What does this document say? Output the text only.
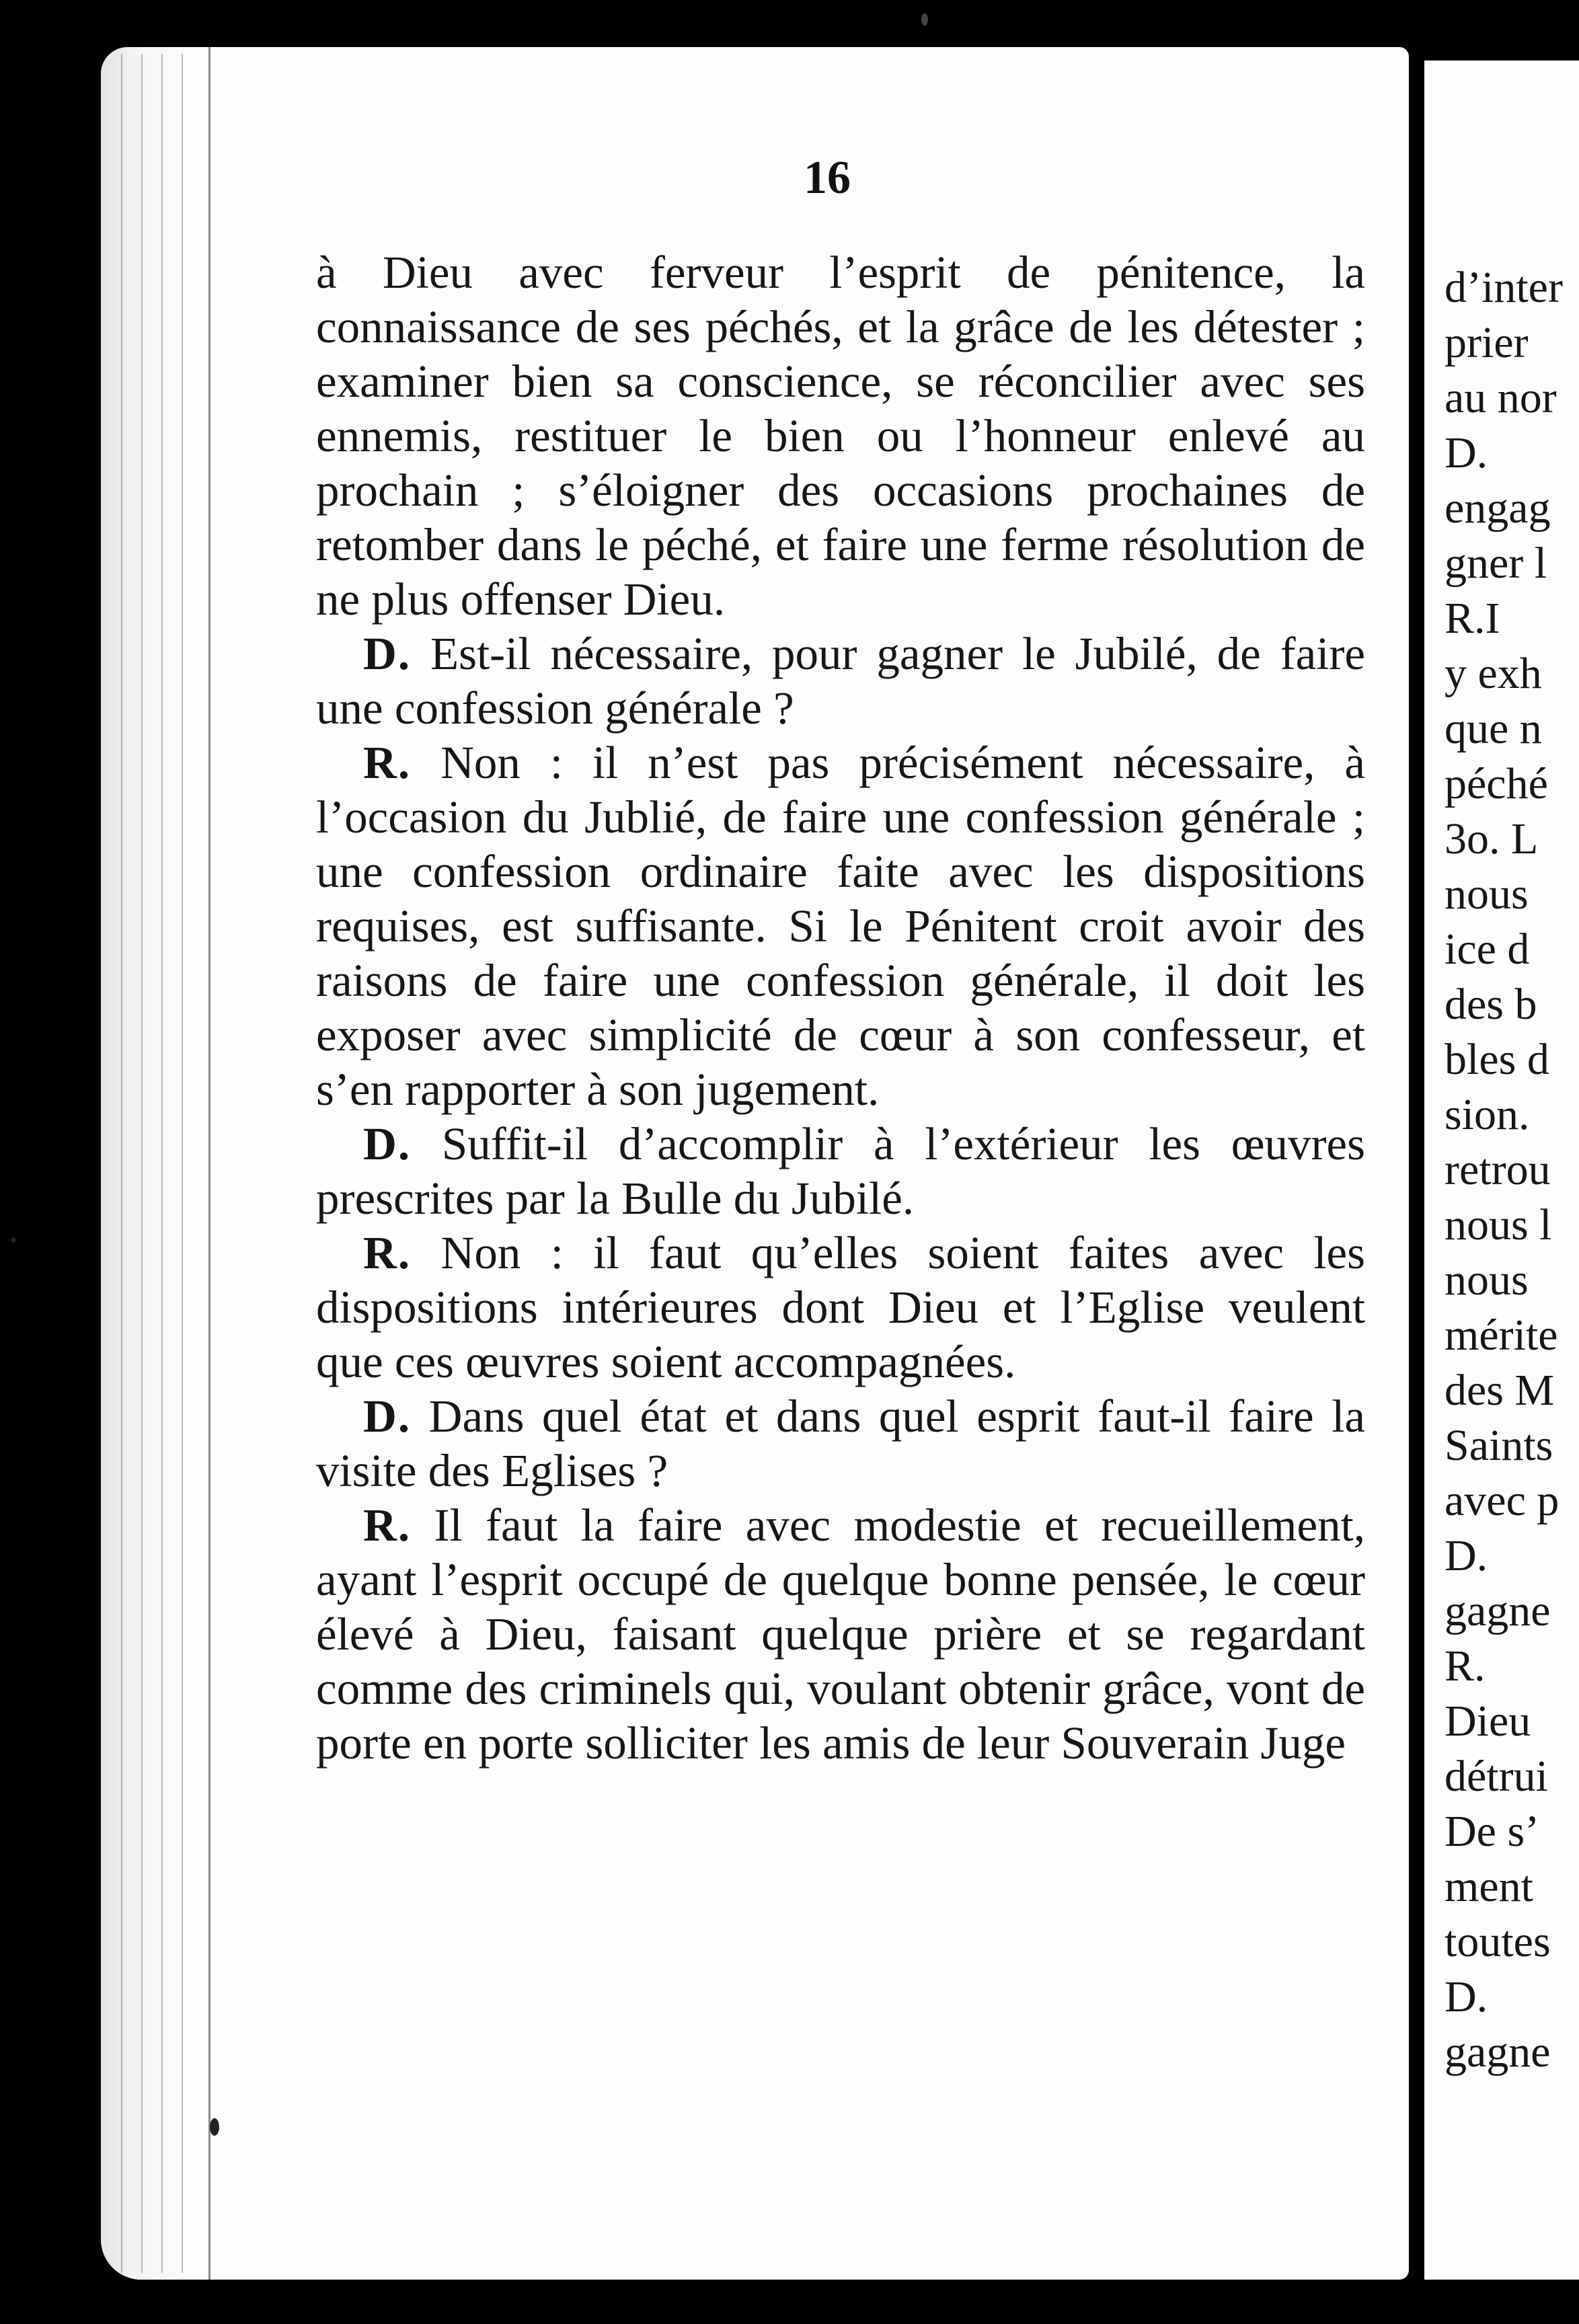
16

à Dieu avec ferveur l’esprit de pénitence, la connaissance de ses péchés, et la grâce de les détester ; examiner bien sa conscience, se réconcilier avec ses ennemis, restituer le bien ou l’honneur enlevé au prochain ; s’éloigner des occasions prochaines de retomber dans le péché, et faire une ferme résolution de ne plus offenser Dieu.

D. Est-il nécessaire, pour gagner le Jubilé, de faire une confession générale ?

R. Non : il n’est pas précisément nécessaire, à l’occasion du Jublié, de faire une confession générale ; une confession ordinaire faite avec les dispositions requises, est suffisante. Si le Pénitent croit avoir des raisons de faire une confession générale, il doit les exposer avec simplicité de cœur à son confesseur, et s’en rapporter à son jugement.

D. Suffit-il d’accomplir à l’extérieur les œuvres prescrites par la Bulle du Jubilé.

R. Non : il faut qu’elles soient faites avec les dispositions intérieures dont Dieu et l’Eglise veulent que ces œuvres soient accompagnées.

D. Dans quel état et dans quel esprit faut-il faire la visite des Eglises ?

R. Il faut la faire avec modestie et recueillement, ayant l’esprit occupé de quelque bonne pensée, le cœur élevé à Dieu, faisant quelque prière et se regardant comme des criminels qui, voulant obtenir grâce, vont de porte en porte solliciter les amis de leur Souverain Juge

d’inter
prier
au nor
D.
engag
gner l
R.I
y exh
que n
péché
3o. L
nous
ice d
des b
bles d
sion.
retrou
nous l
nous
mérite
des M
Saints
avec p
D.
gagne
R.
Dieu
détrui
De s’
ment
toutes
D.
gagne
